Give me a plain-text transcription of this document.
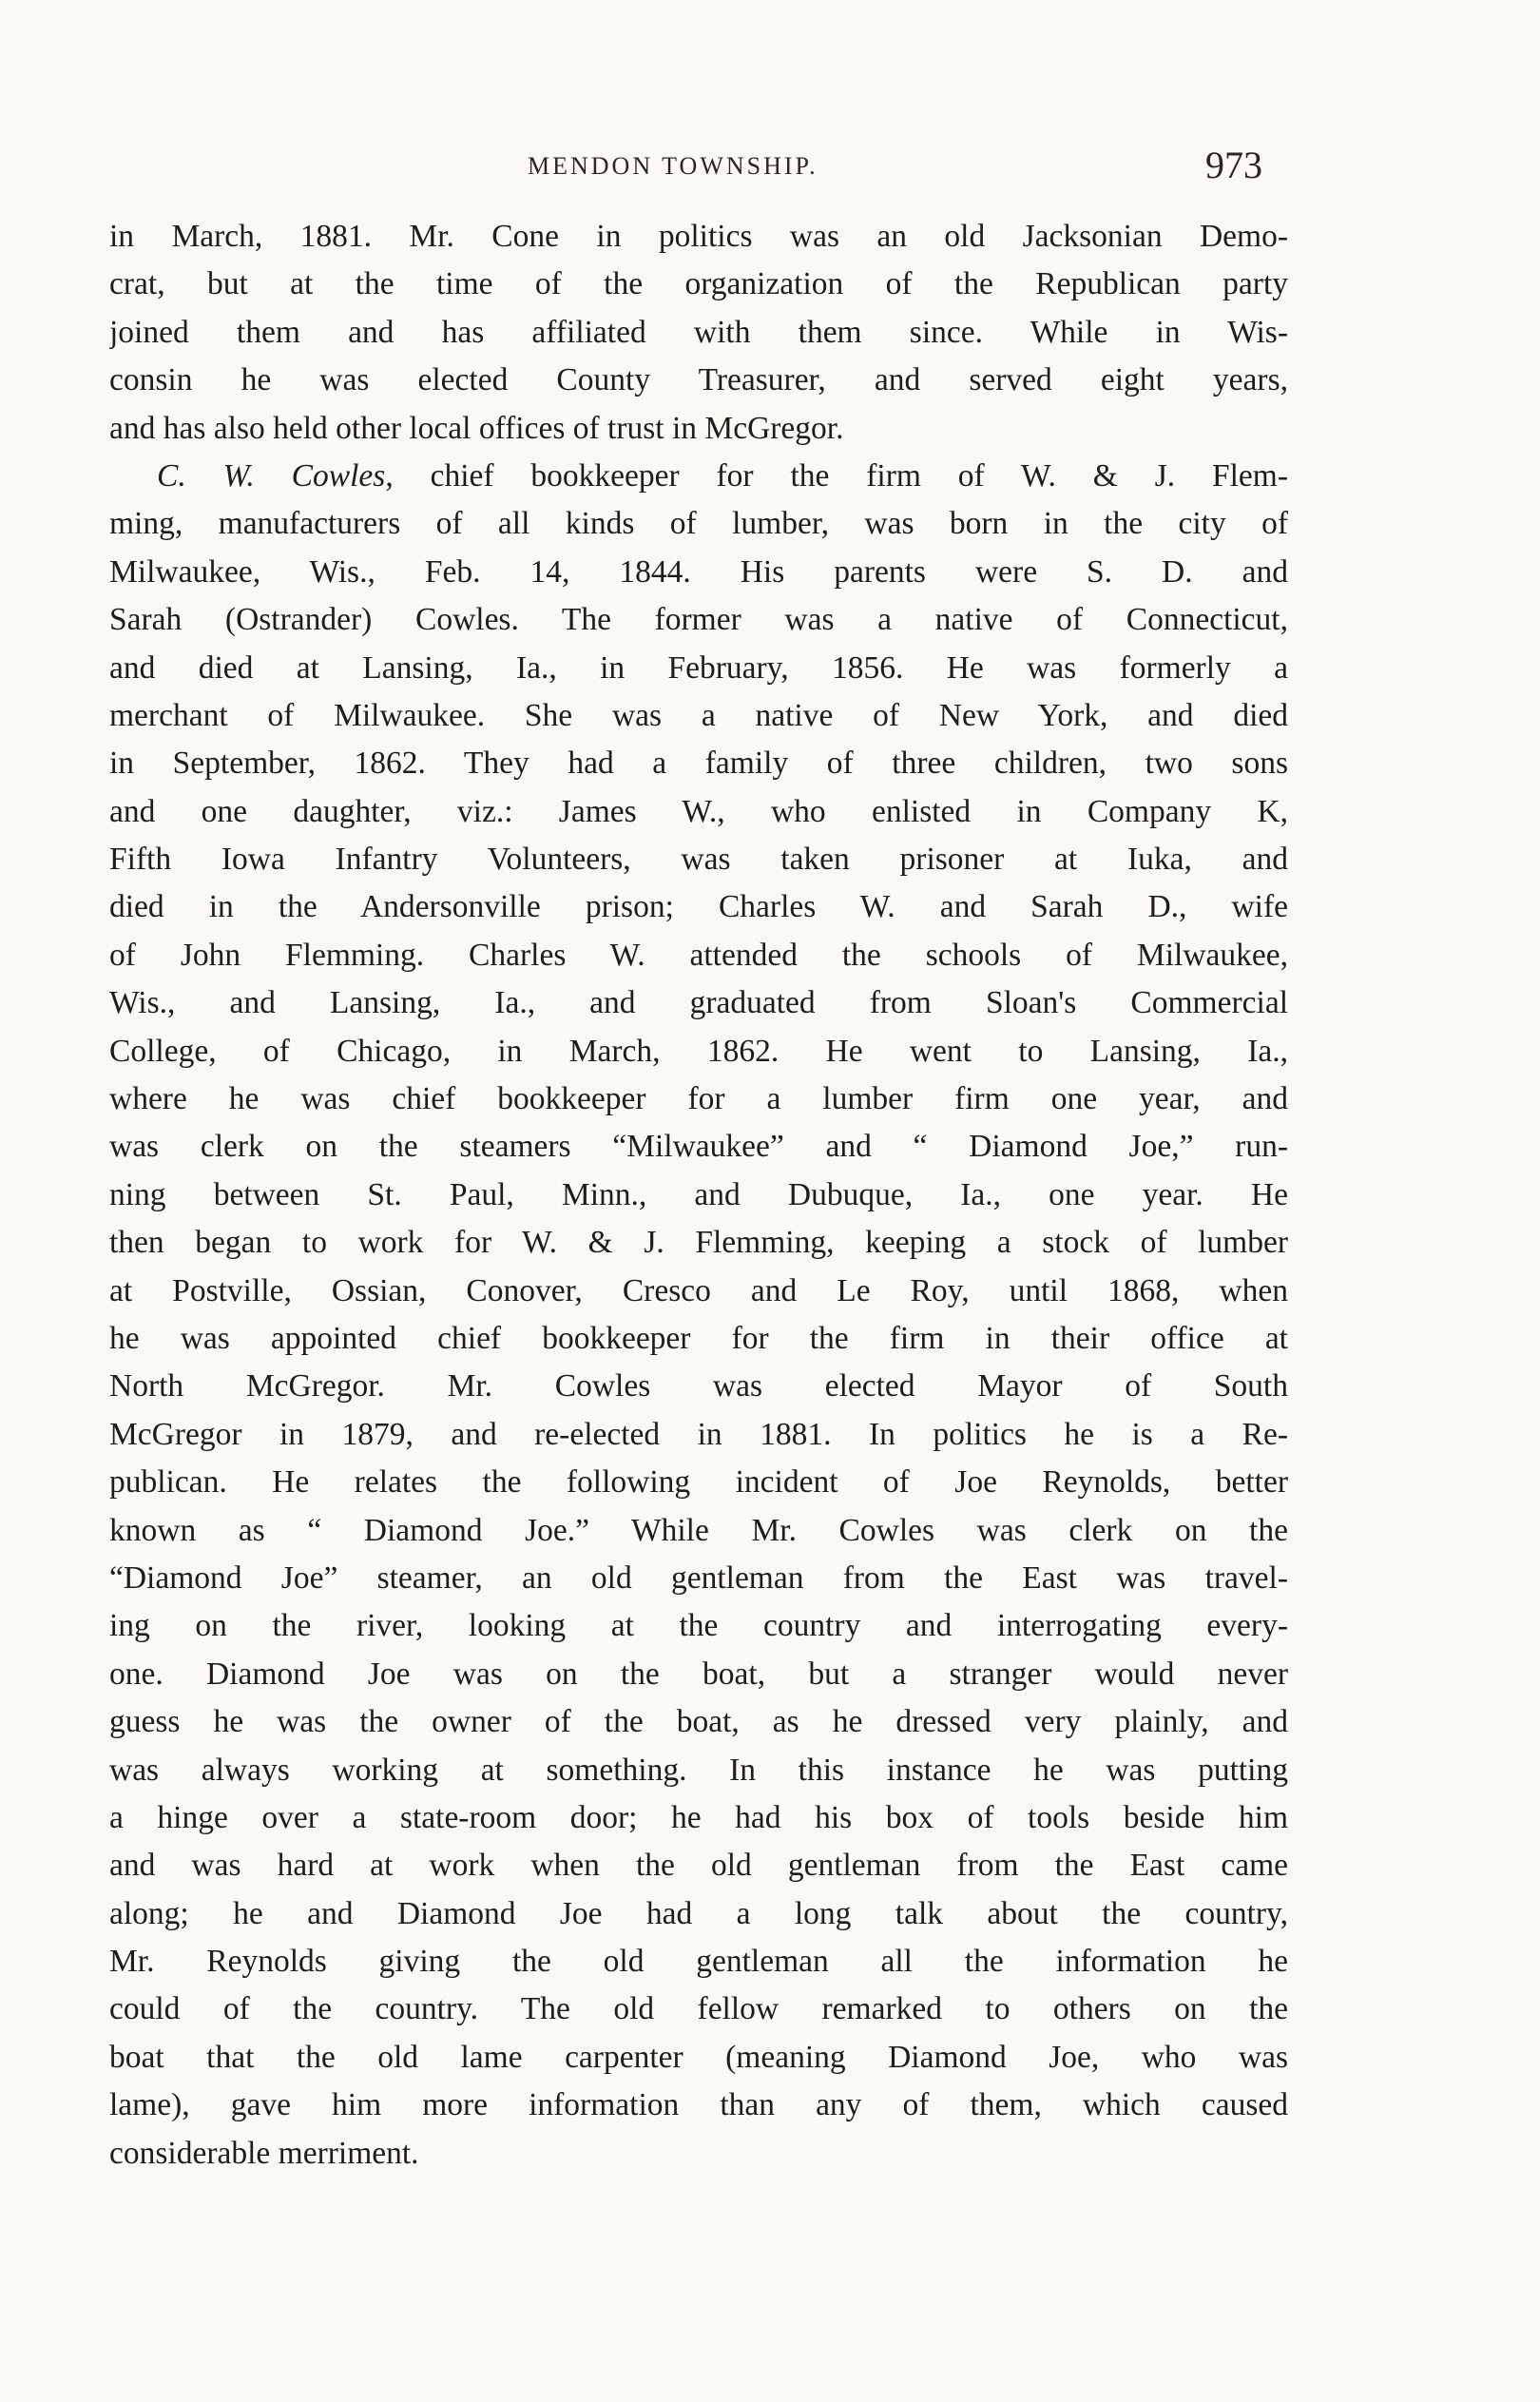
MENDON TOWNSHIP.	973
in March, 1881. Mr. Cone in politics was an old Jacksonian Demo-
crat, but at the time of the organization of the Republican party
joined them and has affiliated with them since. While in Wis-
consin he was elected County Treasurer, and served eight years,
and has also held other local offices of trust in McGregor.
C. W. Cowles, chief bookkeeper for the firm of W. & J. Flem-
ming, manufacturers of all kinds of lumber, was born in the city of
Milwaukee, Wis., Feb. 14, 1844. His parents were S. D. and
Sarah (Ostrander) Cowles. The former was a native of Connecticut,
and died at Lansing, Ia., in February, 1856. He was formerly a
merchant of Milwaukee. She was a native of New York, and died
in September, 1862. They had a family of three children, two sons
and one daughter, viz.: James W., who enlisted in Company K,
Fifth Iowa Infantry Volunteers, was taken prisoner at Iuka, and
died in the Andersonville prison; Charles W. and Sarah D., wife
of John Flemming. Charles W. attended the schools of Milwaukee,
Wis., and Lansing, Ia., and graduated from Sloan's Commercial
College, of Chicago, in March, 1862. He went to Lansing, Ia.,
where he was chief bookkeeper for a lumber firm one year, and
was clerk on the steamers “Milwaukee” and “ Diamond Joe,” run-
ning between St. Paul, Minn., and Dubuque, Ia., one year. He
then began to work for W. & J. Flemming, keeping a stock of lumber
at Postville, Ossian, Conover, Cresco and Le Roy, until 1868, when
he was appointed chief bookkeeper for the firm in their office at
North McGregor. Mr. Cowles was elected Mayor of South
McGregor in 1879, and re-elected in 1881. In politics he is a Re-
publican. He relates the following incident of Joe Reynolds, better
known as “ Diamond Joe.” While Mr. Cowles was clerk on the
“Diamond Joe” steamer, an old gentleman from the East was travel-
ing on the river, looking at the country and interrogating every-
one. Diamond Joe was on the boat, but a stranger would never
guess he was the owner of the boat, as he dressed very plainly, and
was always working at something. In this instance he was putting
a hinge over a state-room door; he had his box of tools beside him
and was hard at work when the old gentleman from the East came
along; he and Diamond Joe had a long talk about the country,
Mr. Reynolds giving the old gentleman all the information he
could of the country. The old fellow remarked to others on the
boat that the old lame carpenter (meaning Diamond Joe, who was
lame), gave him more information than any of them, which caused
considerable merriment.
